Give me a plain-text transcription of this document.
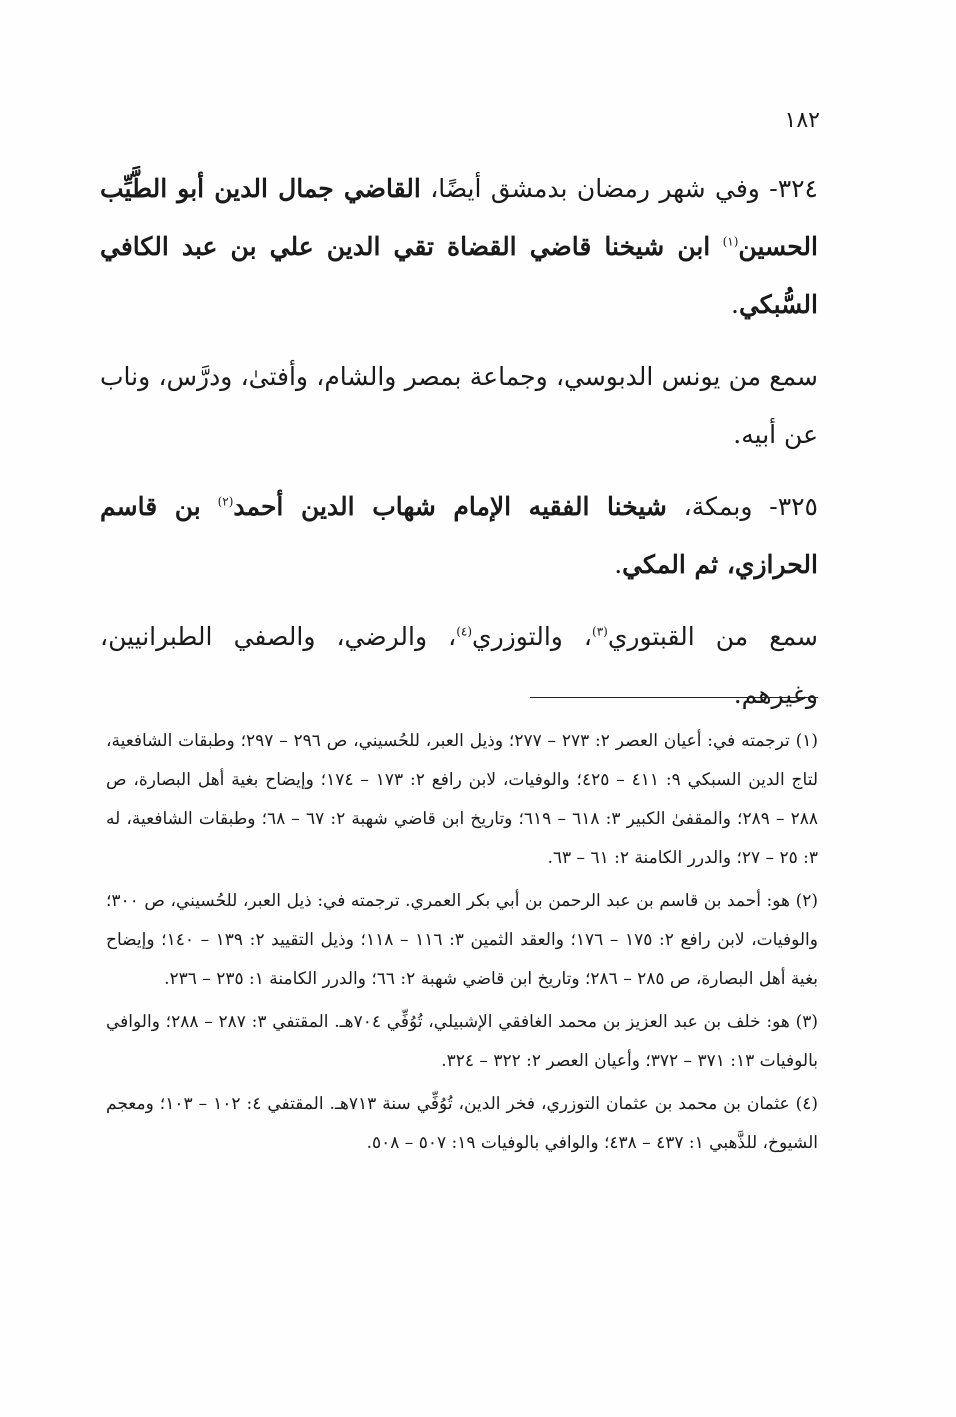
١٨٢

٣٢٤- وفي شهر رمضان بدمشق أيضًا، القاضي جمال الدين أبو الطَّيِّب الحسين$^{(١)}$ ابن شيخنا قاضي القضاة تقي الدين علي بن عبد الكافي السُّبكي.

سمع من يونس الدبوسي، وجماعة بمصر والشام، وأفتىٰ، ودرَّس، وناب عن أبيه.

٣٢٥- وبمكة، شيخنا الفقيه الإمام شهاب الدين أحمد$^{(٢)}$ بن قاسم الحرازي، ثم المكي.

سمع من القبتوري$^{(٣)}$، والتوزري$^{(٤)}$، والرضي، والصفي الطبرانيين، وغيرهم.

(١) ترجمته في: أعيان العصر ٢: ٢٧٣ – ٢٧٧؛ وذيل العبر، للحُسيني، ص ٢٩٦ – ٢٩٧؛ وطبقات الشافعية، لتاج الدين السبكي ٩: ٤١١ – ٤٢٥؛ والوفيات، لابن رافع ٢: ١٧٣ – ١٧٤؛ وإيضاح بغية أهل البصارة، ص ٢٨٨ – ٢٨٩؛ والمقفىٰ الكبير ٣: ٦١٨ – ٦١٩؛ وتاريخ ابن قاضي شهبة ٢: ٦٧ – ٦٨؛ وطبقات الشافعية، له ٣: ٢٥ – ٢٧؛ والدرر الكامنة ٢: ٦١ – ٦٣.

(٢) هو: أحمد بن قاسم بن عبد الرحمن بن أبي بكر العمري. ترجمته في: ذيل العبر، للحُسيني، ص ٣٠٠؛ والوفيات، لابن رافع ٢: ١٧٥ – ١٧٦؛ والعقد الثمين ٣: ١١٦ – ١١٨؛ وذيل التقييد ٢: ١٣٩ – ١٤٠؛ وإيضاح بغية أهل البصارة، ص ٢٨٥ – ٢٨٦؛ وتاريخ ابن قاضي شهبة ٢: ٦٦؛ والدرر الكامنة ١: ٢٣٥ – ٢٣٦.

(٣) هو: خلف بن عبد العزيز بن محمد الغافقي الإشبيلي، تُوُفِّي ٧٠٤هـ. المقتفي ٣: ٢٨٧ – ٢٨٨؛ والوافي بالوفيات ١٣: ٣٧١ – ٣٧٢؛ وأعيان العصر ٢: ٣٢٢ – ٣٢٤.

(٤) عثمان بن محمد بن عثمان التوزري، فخر الدين، تُوُفِّي سنة ٧١٣هـ. المقتفي ٤: ١٠٢ – ١٠٣؛ ومعجم الشيوخ، للذَّهبي ١: ٤٣٧ – ٤٣٨؛ والوافي بالوفيات ١٩: ٥٠٧ – ٥٠٨.
